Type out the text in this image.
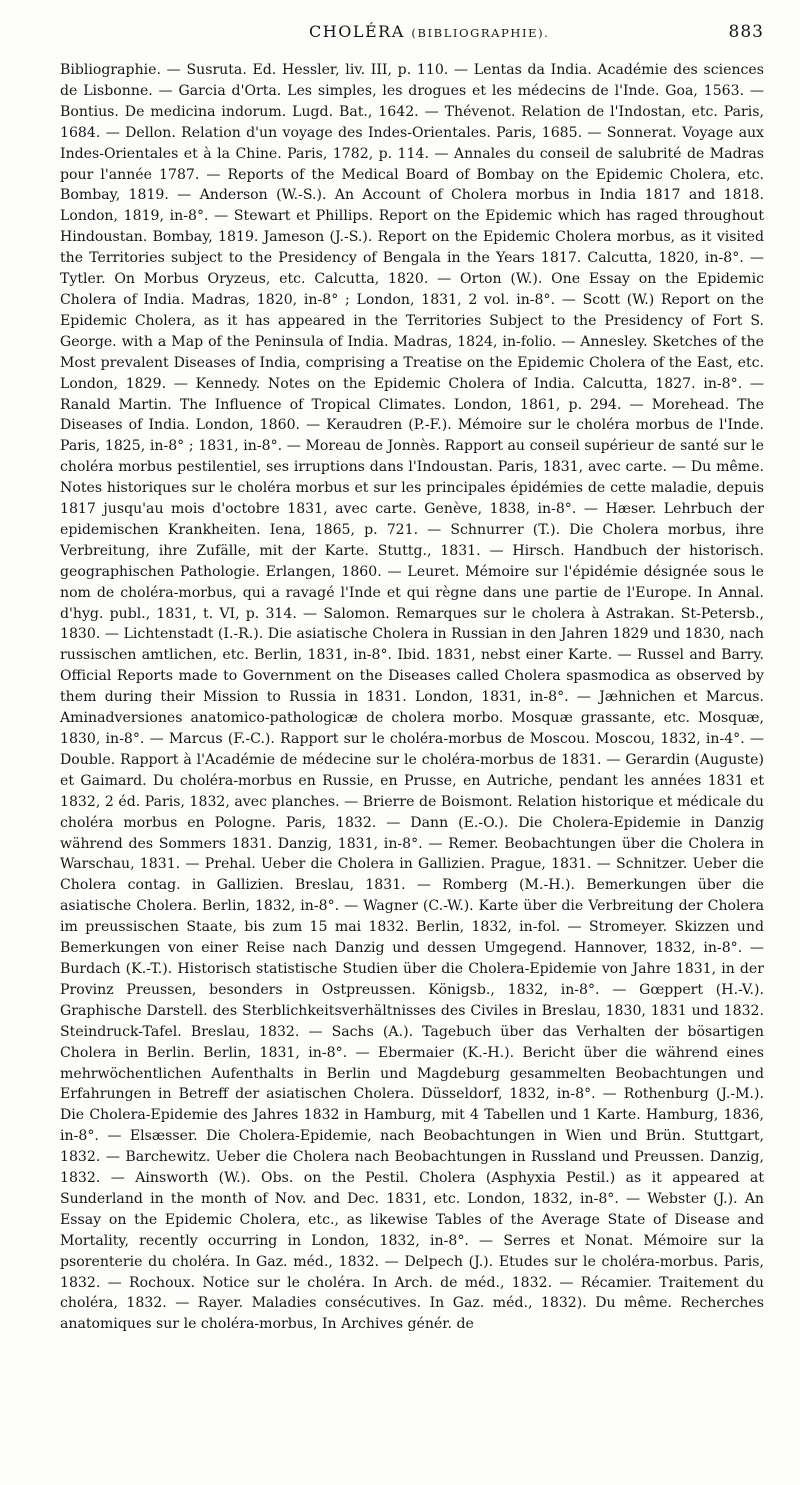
CHOLÉRA (BIBLIOGRAPHIE).	883
Bibliographie. — Susruta. Ed. Hessler, liv. III, p. 110. — Lentas da India. Académie des sciences de Lisbonne. — Garcia d'Orta. Les simples, les drogues et les médecins de l'Inde. Goa, 1563. — Bontius. De medicina indorum. Lugd. Bat., 1642. — Thévenot. Relation de l'Indostan, etc. Paris, 1684. — Dellon. Relation d'un voyage des Indes-Orientales. Paris, 1685. — Sonnerat. Voyage aux Indes-Orientales et à la Chine. Paris, 1782, p. 114. — Annales du conseil de salubrité de Madras pour l'année 1787. — Reports of the Medical Board of Bombay on the Epidemic Cholera, etc. Bombay, 1819. — Anderson (W.-S.). An Account of Cholera morbus in India 1817 and 1818. London, 1819, in-8°. — Stewart et Phillips. Report on the Epidemic which has raged throughout Hindoustan. Bombay, 1819. Jameson (J.-S.). Report on the Epidemic Cholera morbus, as it visited the Territories subject to the Presidency of Bengala in the Years 1817. Calcutta, 1820, in-8°. — Tytler. On Morbus Oryzeus, etc. Calcutta, 1820. — Orton (W.). One Essay on the Epidemic Cholera of India. Madras, 1820, in-8° ; London, 1831, 2 vol. in-8°. — Scott (W.) Report on the Epidemic Cholera, as it has appeared in the Territories Subject to the Presidency of Fort S. George. with a Map of the Peninsula of India. Madras, 1824, in-folio. — Annesley. Sketches of the Most prevalent Diseases of India, comprising a Treatise on the Epidemic Cholera of the East, etc. London, 1829. — Kennedy. Notes on the Epidemic Cholera of India. Calcutta, 1827. in-8°. — Ranald Martin. The Influence of Tropical Climates. London, 1861, p. 294. — Morehead. The Diseases of India. London, 1860. — Keraudren (P.-F.). Mémoire sur le choléra morbus de l'Inde. Paris, 1825, in-8° ; 1831, in-8°. — Moreau de Jonnès. Rapport au conseil supérieur de santé sur le choléra morbus pestilentiel, ses irruptions dans l'Indoustan. Paris, 1831, avec carte. — Du même. Notes historiques sur le choléra morbus et sur les principales épidémies de cette maladie, depuis 1817 jusqu'au mois d'octobre 1831, avec carte. Genève, 1838, in-8°. — Hæser. Lehrbuch der epidemischen Krankheiten. Iena, 1865, p. 721. — Schnurrer (T.). Die Cholera morbus, ihre Verbreitung, ihre Zufälle, mit der Karte. Stuttg., 1831. — Hirsch. Handbuch der historisch. geographischen Pathologie. Erlangen, 1860. — Leuret. Mémoire sur l'épidémie désignée sous le nom de choléra-morbus, qui a ravagé l'Inde et qui règne dans une partie de l'Europe. In Annal. d'hyg. publ., 1831, t. VI, p. 314. — Salomon. Remarques sur le cholera à Astrakan. St-Petersb., 1830. — Lichtenstadt (I.-R.). Die asiatische Cholera in Russian in den Jahren 1829 und 1830, nach russischen amtlichen, etc. Berlin, 1831, in-8°. Ibid. 1831, nebst einer Karte. — Russel and Barry. Official Reports made to Government on the Diseases called Cholera spasmodica as observed by them during their Mission to Russia in 1831. London, 1831, in-8°. — Jæhnichen et Marcus. Aminadversiones anatomico-pathologicæ de cholera morbo. Mosquæ grassante, etc. Mosquæ, 1830, in-8°. — Marcus (F.-C.). Rapport sur le choléra-morbus de Moscou. Moscou, 1832, in-4°. — Double. Rapport à l'Académie de médecine sur le choléra-morbus de 1831. — Gerardin (Auguste) et Gaimard. Du choléra-morbus en Russie, en Prusse, en Autriche, pendant les années 1831 et 1832, 2 éd. Paris, 1832, avec planches. — Brierre de Boismont. Relation historique et médicale du choléra morbus en Pologne. Paris, 1832. — Dann (E.-O.). Die Cholera-Epidemie in Danzig während des Sommers 1831. Danzig, 1831, in-8°. — Remer. Beobachtungen über die Cholera in Warschau, 1831. — Prehal. Ueber die Cholera in Gallizien. Prague, 1831. — Schnitzer. Ueber die Cholera contag. in Gallizien. Breslau, 1831. — Romberg (M.-H.). Bemerkungen über die asiatische Cholera. Berlin, 1832, in-8°. — Wagner (C.-W.). Karte über die Verbreitung der Cholera im preussischen Staate, bis zum 15 mai 1832. Berlin, 1832, in-fol. — Stromeyer. Skizzen und Bemerkungen von einer Reise nach Danzig und dessen Umgegend. Hannover, 1832, in-8°. — Burdach (K.-T.). Historisch statistische Studien über die Cholera-Epidemie von Jahre 1831, in der Provinz Preussen, besonders in Ostpreussen. Königsb., 1832, in-8°. — Gœppert (H.-V.). Graphische Darstell. des Sterblichkeitsverhältnisses des Civiles in Breslau, 1830, 1831 und 1832. Steindruck-Tafel. Breslau, 1832. — Sachs (A.). Tagebuch über das Verhalten der bösartigen Cholera in Berlin. Berlin, 1831, in-8°. — Ebermaier (K.-H.). Bericht über die während eines mehrwöchentlichen Aufenthalts in Berlin und Magdeburg gesammelten Beobachtungen und Erfahrungen in Betreff der asiatischen Cholera. Düsseldorf, 1832, in-8°. — Rothenburg (J.-M.). Die Cholera-Epidemie des Jahres 1832 in Hamburg, mit 4 Tabellen und 1 Karte. Hamburg, 1836, in-8°. — Elsæsser. Die Cholera-Epidemie, nach Beobachtungen in Wien und Brün. Stuttgart, 1832. — Barchewitz. Ueber die Cholera nach Beobachtungen in Russland und Preussen. Danzig, 1832. — Ainsworth (W.). Obs. on the Pestil. Cholera (Asphyxia Pestil.) as it appeared at Sunderland in the month of Nov. and Dec. 1831, etc. London, 1832, in-8°. — Webster (J.). An Essay on the Epidemic Cholera, etc., as likewise Tables of the Average State of Disease and Mortality, recently occurring in London, 1832, in-8°. — Serres et Nonat. Mémoire sur la psorenterie du choléra. In Gaz. méd., 1832. — Delpech (J.). Etudes sur le choléra-morbus. Paris, 1832. — Rochoux. Notice sur le choléra. In Arch. de méd., 1832. — Récamier. Traitement du choléra, 1832. — Rayer. Maladies consécutives. In Gaz. méd., 1832). Du même. Recherches anatomiques sur le choléra-morbus, In Archives génér. de
